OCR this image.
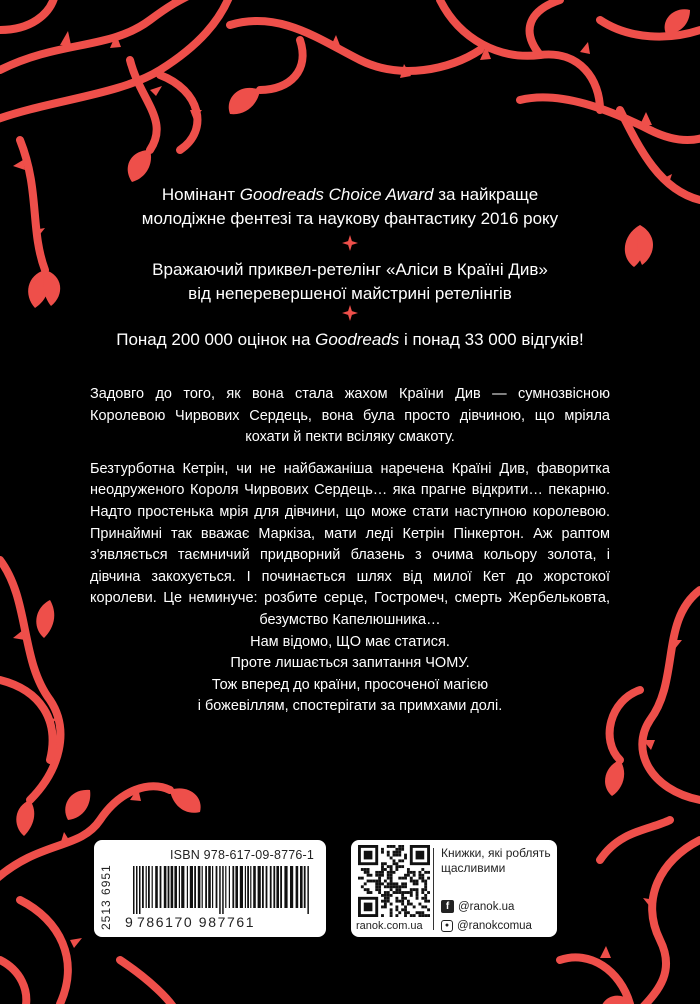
Номінант Goodreads Choice Award за найкраще
молодіжне фентезі та наукову фантастику 2016 року
Вражаючий приквел-ретелінг «Аліси в Країні Див»
від неперевершеної майстрині ретелінгів
Понад 200 000 оцінок на Goodreads і понад 33 000 відгуків!

Задовго до того, як вона стала жахом Країни Див — сумнозвісною Королевою Чирвових Сердець, вона була просто дівчиною, що мріяла кохати й пекти всіляку смакоту.

Безтурботна Кетрін, чи не найбажаніша наречена Країні Див, фаворитка неодруженого Короля Чирвових Сердець… яка прагне відкрити… пекарню. Надто простенька мрія для дівчини, що може стати наступною королевою. Принаймні так вважає Маркіза, мати леді Кетрін Пінкертон. Аж раптом з'являється таємничий придворний блазень з очима кольору золота, і дівчина закохується. І починається шлях від милої Кет до жорстокої королеви. Це неминуче: розбите серце, Гостромеч, смерть Жербельковта, безумство Капелюшника…

Нам відомо, ЩО має статися.

Проте лишається запитання ЧОМУ.

Тож вперед до країни, просоченої магією

і божевіллям, спостерігати за примхами долі.

2513 6951
ISBN 978-617-09-8776-1
9 786170 987761	ranok.com.ua
Книжки, які роблять щасливими
f @ranok.ua
● @ranokcomua
